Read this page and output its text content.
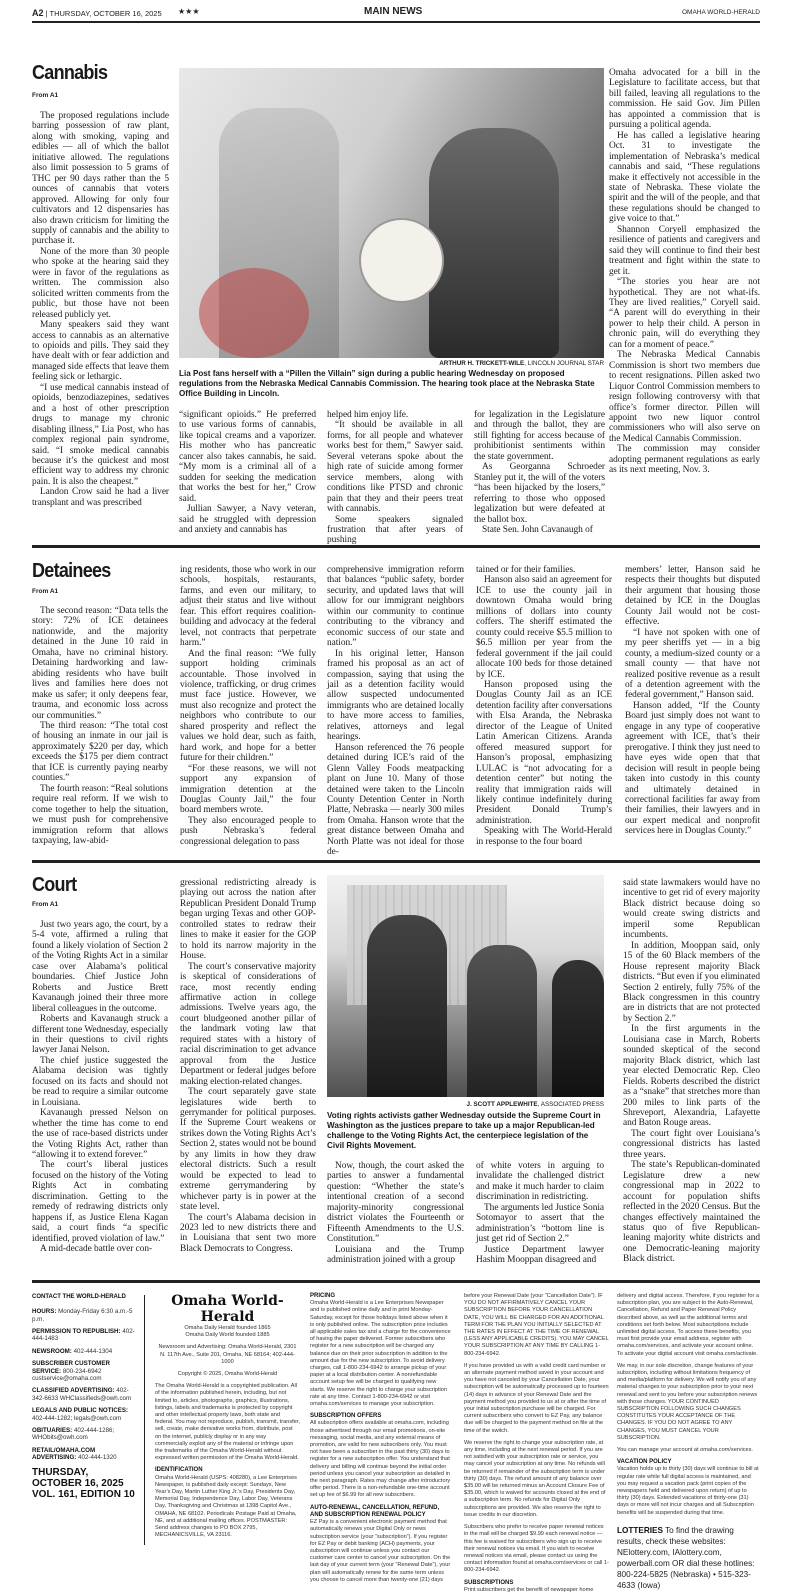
A2 | THURSDAY, OCTOBER 16, 2025 ★★★	MAIN NEWS	OMAHA WORLD-HERALD
Cannabis
From A1

The proposed regulations include barring possession of raw plant, along with smoking, vaping and edibles — all of which the ballot initiative allowed. The regulations also limit possession to 5 grams of THC per 90 days rather than the 5 ounces of cannabis that voters approved. Allowing for only four cultivators and 12 dispensaries has also drawn criticism for limiting the supply of cannabis and the ability to purchase it.

None of the more than 30 people who spoke at the hearing said they were in favor of the regulations as written. The commission also solicited written comments from the public, but those have not been released publicly yet.

Many speakers said they want access to cannabis as an alternative to opioids and pills. They said they have dealt with or fear addiction and managed side effects that leave them feeling sick or lethargic.

“I use medical cannabis instead of opioids, benzodiazepines, sedatives and a host of other prescription drugs to manage my chronic disabling illness,” Lia Post, who has complex regional pain syndrome, said. “I smoke medical cannabis because it’s the quickest and most efficient way to address my chronic pain. It is also the cheapest.”

Landon Crow said he had a liver transplant and was prescribed

ARTHUR H. TRICKETT-WILE, LINCOLN JOURNAL STAR
Lia Post fans herself with a “Pillen the Villain” sign during a public hearing Wednesday on proposed regulations from the Nebraska Medical Cannabis Commission. The hearing took place at the Nebraska State Office Building in Lincoln.

“significant opioids.” He preferred to use various forms of cannabis, like topical creams and a vaporizer. His mother who has pancreatic cancer also takes cannabis, he said. “My mom is a criminal all of a sudden for seeking the medication that works the best for her,” Crow said.

Jullian Sawyer, a Navy veteran, said he struggled with depression and anxiety and cannabis has

helped him enjoy life.

“It should be available in all forms, for all people and whatever works best for them,” Sawyer said. Several veterans spoke about the high rate of suicide among former service members, along with conditions like PTSD and chronic pain that they and their peers treat with cannabis.

Some speakers signaled frustration that after years of pushing

for legalization in the Legislature and through the ballot, they are still fighting for access because of prohibitionist sentiments within the state government.

As Georganna Schroeder Stanley put it, the will of the voters “has been hijacked by the losers,” referring to those who opposed legalization but were defeated at the ballot box.

State Sen. John Cavanaugh of

Omaha advocated for a bill in the Legislature to facilitate access, but that bill failed, leaving all regulations to the commission. He said Gov. Jim Pillen has appointed a commission that is pursuing a political agenda.

He has called a legislative hearing Oct. 31 to investigate the implementation of Nebraska’s medical cannabis and said, “These regulations make it effectively not accessible in the state of Nebraska. These violate the spirit and the will of the people, and that these regulations should be changed to give voice to that.”

Shannon Coryell emphasized the resilience of patients and caregivers and said they will continue to find their best treatment and fight within the state to get it.

“The stories you hear are not hypothetical. They are not what-ifs. They are lived realities,” Coryell said. “A parent will do everything in their power to help their child. A person in chronic pain, will do everything they can for a moment of peace.”

The Nebraska Medical Cannabis Commission is short two members due to recent resignations. Pillen asked two Liquor Control Commission members to resign following controversy with that office’s former director. Pillen will appoint two new liquor control commissioners who will also serve on the Medical Cannabis Commission.

The commission may consider adopting permanent regulations as early as its next meeting, Nov. 3.

Detainees
From A1

The second reason: “Data tells the story: 72% of ICE detainees nationwide, and the majority detained in the June 10 raid in Omaha, have no criminal history. Detaining hardworking and law-abiding residents who have built lives and families here does not make us safer; it only deepens fear, trauma, and economic loss across our communities.”

The third reason: “The total cost of housing an inmate in our jail is approximately $220 per day, which exceeds the $175 per diem contract that ICE is currently paying nearby counties.”

The fourth reason: “Real solutions require real reform. If we wish to come together to help the situation, we must push for comprehensive immigration reform that allows taxpaying, law-abid-

ing residents, those who work in our schools, hospitals, restaurants, farms, and even our military, to adjust their status and live without fear. This effort requires coalition-building and advocacy at the federal level, not contracts that perpetrate harm.”

And the final reason: “We fully support holding criminals accountable. Those involved in violence, trafficking, or drug crimes must face justice. However, we must also recognize and protect the neighbors who contribute to our shared prosperity and reflect the values we hold dear, such as faith, hard work, and hope for a better future for their children.”

“For these reasons, we will not support any expansion of immigration detention at the Douglas County Jail,” the four board members wrote.

They also encouraged people to push Nebraska’s federal congressional delegation to pass

comprehensive immigration reform that balances “public safety, border security, and updated laws that will allow for our immigrant neighbors within our community to continue contributing to the vibrancy and economic success of our state and nation.”

In his original letter, Hanson framed his proposal as an act of compassion, saying that using the jail as a detention facility would allow suspected undocumented immigrants who are detained locally to have more access to families, relatives, attorneys and legal hearings.

Hanson referenced the 76 people detained during ICE’s raid of the Glenn Valley Foods meatpacking plant on June 10. Many of those detained were taken to the Lincoln County Detention Center in North Platte, Nebraska — nearly 300 miles from Omaha. Hanson wrote that the great distance between Omaha and North Platte was not ideal for those de-

tained or for their families.

Hanson also said an agreement for ICE to use the county jail in downtown Omaha would bring millions of dollars into county coffers. The sheriff estimated the county could receive $5.5 million to $6.5 million per year from the federal government if the jail could allocate 100 beds for those detained by ICE.

Hanson proposed using the Douglas County Jail as an ICE detention facility after conversations with Elsa Aranda, the Nebraska director of the League of United Latin American Citizens. Aranda offered measured support for Hanson’s proposal, emphasizing LULAC is “not advocating for a detention center” but noting the reality that immigration raids will likely continue indefinitely during President Donald Trump’s administration.

Speaking with The World-Herald in response to the four board

members’ letter, Hanson said he respects their thoughts but disputed their argument that housing those detained by ICE in the Douglas County Jail would not be cost-effective.

“I have not spoken with one of my peer sheriffs yet — in a big county, a medium-sized county or a small county — that have not realized positive revenue as a result of a detention agreement with the federal government,” Hanson said.

Hanson added, “If the County Board just simply does not want to engage in any type of cooperative agreement with ICE, that’s their prerogative. I think they just need to have eyes wide open that that decision will result in people being taken into custody in this county and ultimately detained in correctional facilities far away from their families, their lawyers and in our expert medical and nonprofit services here in Douglas County.”

Court
From A1

Just two years ago, the court, by a 5-4 vote, affirmed a ruling that found a likely violation of Section 2 of the Voting Rights Act in a similar case over Alabama’s political boundaries. Chief Justice John Roberts and Justice Brett Kavanaugh joined their three more liberal colleagues in the outcome.

Roberts and Kavanaugh struck a different tone Wednesday, especially in their questions to civil rights lawyer Janai Nelson.

The chief justice suggested the Alabama decision was tightly focused on its facts and should not be read to require a similar outcome in Louisiana.

Kavanaugh pressed Nelson on whether the time has come to end the use of race-based districts under the Voting Rights Act, rather than “allowing it to extend forever.”

The court’s liberal justices focused on the history of the Voting Rights Act in combating discrimination. Getting to the remedy of redrawing districts only happens if, as Justice Elena Kagan said, a court finds “a specific identified, proved violation of law.”

A mid-decade battle over con-

gressional redistricting already is playing out across the nation after Republican President Donald Trump began urging Texas and other GOP-controlled states to redraw their lines to make it easier for the GOP to hold its narrow majority in the House.

The court’s conservative majority is skeptical of considerations of race, most recently ending affirmative action in college admissions. Twelve years ago, the court bludgeoned another pillar of the landmark voting law that required states with a history of racial discrimination to get advance approval from the Justice Department or federal judges before making election-related changes.

The court separately gave state legislatures wide berth to gerrymander for political purposes. If the Supreme Court weakens or strikes down the Voting Rights Act’s Section 2, states would not be bound by any limits in how they draw electoral districts. Such a result would be expected to lead to extreme gerrymandering by whichever party is in power at the state level.

The court’s Alabama decision in 2023 led to new districts there and in Louisiana that sent two more Black Democrats to Congress.

J. SCOTT APPLEWHITE, ASSOCIATED PRESS
Voting rights activists gather Wednesday outside the Supreme Court in Washington as the justices prepare to take up a major Republican-led challenge to the Voting Rights Act, the centerpiece legislation of the Civil Rights Movement.

Now, though, the court asked the parties to answer a fundamental question: “Whether the state’s intentional creation of a second majority-minority congressional district violates the Fourteenth or Fifteenth Amendments to the U.S. Constitution.”

Louisiana and the Trump administration joined with a group

of white voters in arguing to invalidate the challenged district and make it much harder to claim discrimination in redistricting.

The arguments led Justice Sonia Sotomayor to assert that the administration’s “bottom line is just get rid of Section 2.”

Justice Department lawyer Hashim Mooppan disagreed and

said state lawmakers would have no incentive to get rid of every majority Black district because doing so would create swing districts and imperil some Republican incumbents.

In addition, Mooppan said, only 15 of the 60 Black members of the House represent majority Black districts. “But even if you eliminated Section 2 entirely, fully 75% of the Black congressmen in this country are in districts that are not protected by Section 2.”

In the first arguments in the Louisiana case in March, Roberts sounded skeptical of the second majority Black district, which last year elected Democratic Rep. Cleo Fields. Roberts described the district as a “snake” that stretches more than 200 miles to link parts of the Shreveport, Alexandria, Lafayette and Baton Rouge areas.

The court fight over Louisiana’s congressional districts has lasted three years.

The state’s Republican-dominated Legislature drew a new congressional map in 2022 to account for population shifts reflected in the 2020 Census. But the changes effectively maintained the status quo of five Republican-leaning majority white districts and one Democratic-leaning majority Black district.

CONTACT THE WORLD-HERALD

HOURS: Monday-Friday 6:30 a.m.-5 p.m.

PERMISSION TO REPUBLISH: 402-444-1483

NEWSROOM: 402-444-1304

SUBSCRIBER CUSTOMER SERVICE: 800-234-6942 custservice@omaha.com

CLASSIFIED ADVERTISING: 402-342-6633 WHClassifieds@owh.com

LEGALS AND PUBLIC NOTICES: 402-444-1282; legals@owh.com

OBITUARIES: 402-444-1286; WHObits@owh.com

RETAIL/OMAHA.COM ADVERTISING: 402-444-1320

THURSDAY, OCTOBER 16, 2025 VOL. 161, EDITION 10
Omaha World-Herald
Omaha Daily Herald founded 1865
Omaha Daily World founded 1885
Newsroom and Advertising: Omaha World-Herald, 2301 N. 117th Ave., Suite 201, Omaha, NE 68164; 402-444-1000
Copyright © 2025, Omaha World-Herald
The Omaha World-Herald is a copyrighted publication. All of the information published herein, including, but not limited to, articles, photographs, graphics, illustrations, listings, labels and trademarks is protected by copyright and other intellectual property laws, both state and federal. You may not reproduce, publish, transmit, transfer, sell, create, make derivative works from, distribute, post on the internet, publicly display or in any way commercially exploit any of the material or infringe upon the trademarks of the Omaha World-Herald without expressed written permission of the Omaha World-Herald.
IDENTIFICATION
Omaha World-Herald (USPS: 408280), a Lee Enterprises Newspaper, is published daily except: Sundays, New Year’s Day, Martin Luther King Jr.’s Day, Presidents Day, Memorial Day, Independence Day, Labor Day, Veterans Day, Thanksgiving and Christmas at 1398 Capitol Ave., OMAHA, NE 68102. Periodicals Postage Paid at Omaha, NE, and at additional mailing offices. POSTMASTER: Send address changes to PO BOX 2795, MECHANICSVILLE, VA 23116.
PRICING
Omaha World-Herald is a Lee Enterprises Newspaper and is published online daily and in print Monday-Saturday, except for those holidays listed above when it is only published online. The subscription price includes all applicable sales tax and a charge for the convenience of having the paper delivered. Former subscribers who register for a new subscription will be charged any balance due on their prior subscription in addition to the amount due for the new subscription. To avoid delivery charges, call 1-800-234-6942 to arrange pickup of your paper at a local distribution center. A nonrefundable account setup fee will be charged to qualifying new starts. We reserve the right to change your subscription rate at any time. Contact 1-800-234-6942 or visit omaha.com/services to manage your subscription.
SUBSCRIPTION OFFERS
All subscription offers available at omaha.com, including those advertised through our email promotions, on-site messaging, social media, and any external means of promotion, are valid for new subscribers only. You must not have been a subscriber in the past thirty (30) days to register for a new subscription offer. You understand that delivery and billing will continue beyond the initial order period unless you cancel your subscription as detailed in the next paragraph. Rates may change after introductory offer period. There is a non-refundable one-time account set up fee of $6.99 for all new subscribers.
AUTO-RENEWAL, CANCELLATION, REFUND, AND SUBSCRIPTION RENEWAL POLICY
EZ Pay is a convenient electronic payment method that automatically renews your Digital Only or news subscription service (your “subscription”). If you register for EZ Pay or debit banking (ACH) payments, your subscription will continue unless you contact our customer care center to cancel your subscription. On the last day of your current term (your “Renewal Date”), your plan will automatically renew for the same term unless you choose to cancel more than twenty-one (21) days
before your Renewal Date (your “Cancellation Date”). IF YOU DO NOT AFFIRMATIVELY CANCEL YOUR SUBSCRIPTION BEFORE YOUR CANCELLATION DATE, YOU WILL BE CHARGED FOR AN ADDITIONAL TERM FOR THE PLAN YOU INITIALLY SELECTED AT THE RATES IN EFFECT AT THE TIME OF RENEWAL (LESS ANY APPLICABLE CREDITS). YOU MAY CANCEL YOUR SUBSCRIPTION AT ANY TIME BY CALLING 1-800-234-6942.
If you have provided us with a valid credit card number or an alternate payment method saved in your account and you have not canceled by your Cancellation Date, your subscription will be automatically processed up to fourteen (14) days in advance of your Renewal Date and the payment method you provided to us at or after the time of your initial subscription purchase will be charged. For current subscribers who convert to EZ Pay, any balance due will be charged to the payment method on file at the time of the switch.
We reserve the right to change your subscription rate, at any time, including at the next renewal period. If you are not satisfied with your subscription rate or service, you may cancel your subscription at any time. No refunds will be returned if remainder of the subscription term is under thirty (30) days. The refund amount of any balance over $35.00 will be returned minus an Account Closure Fee of $35.00, which is waived for accounts closed at the end of a subscription term. No refunds for Digital Only subscriptions are provided. We also reserve the right to issue credits in our discretion.
Subscribers who prefer to receive paper renewal notices in the mail will be charged $9.99 each renewal notice — this fee is waived for subscribers who sign up to receive their renewal notices via email. If you wish to receive renewal notices via email, please contact us using the contact information found at omaha.com/services or call 1-800-234-6942.
SUBSCRIPTIONS
Print subscribers get the benefit of newspaper home
delivery and digital access. Therefore, if you register for a subscription plan, you are subject to the Auto-Renewal, Cancellation, Refund and Paper Renewal Policy described above, as well as the additional terms and conditions set forth below. Most subscriptions include unlimited digital access. To access these benefits, you must first provide your email address, register with omaha.com/services, and activate your account online. To activate your digital account visit omaha.com/activate.
We may, in our sole discretion, change features of your subscription, including without limitations frequency of and media/platform for delivery. We will notify you of any material changes to your subscription prior to your next renewal and sent to you before your subscription renews with those changes. YOUR CONTINUED SUBSCRIPTION FOLLOWING SUCH CHANGES CONSTITUTES YOUR ACCEPTANCE OF THE CHANGES. IF YOU DO NOT AGREE TO ANY CHANGES, YOU MUST CANCEL YOUR SUBSCRIPTION.
You can manage your account at omaha.com/services.
VACATION POLICY
Vacation holds up to thirty (30) days will continue to bill at regular rate while full digital access is maintained, and you may request a vacation pack (print copies of the newspapers held and delivered upon return) of up to thirty (30) days. Extended vacations of thirty-one (31) days or more will not incur charges and all Subscription benefits will be suspended during that time.
LOTTERIES To find the drawing results, check these websites: NElottery.com, IAlottery.com, powerball.com OR dial these hotlines: 800-224-5825 (Nebraska) • 515-323-4633 (Iowa)
